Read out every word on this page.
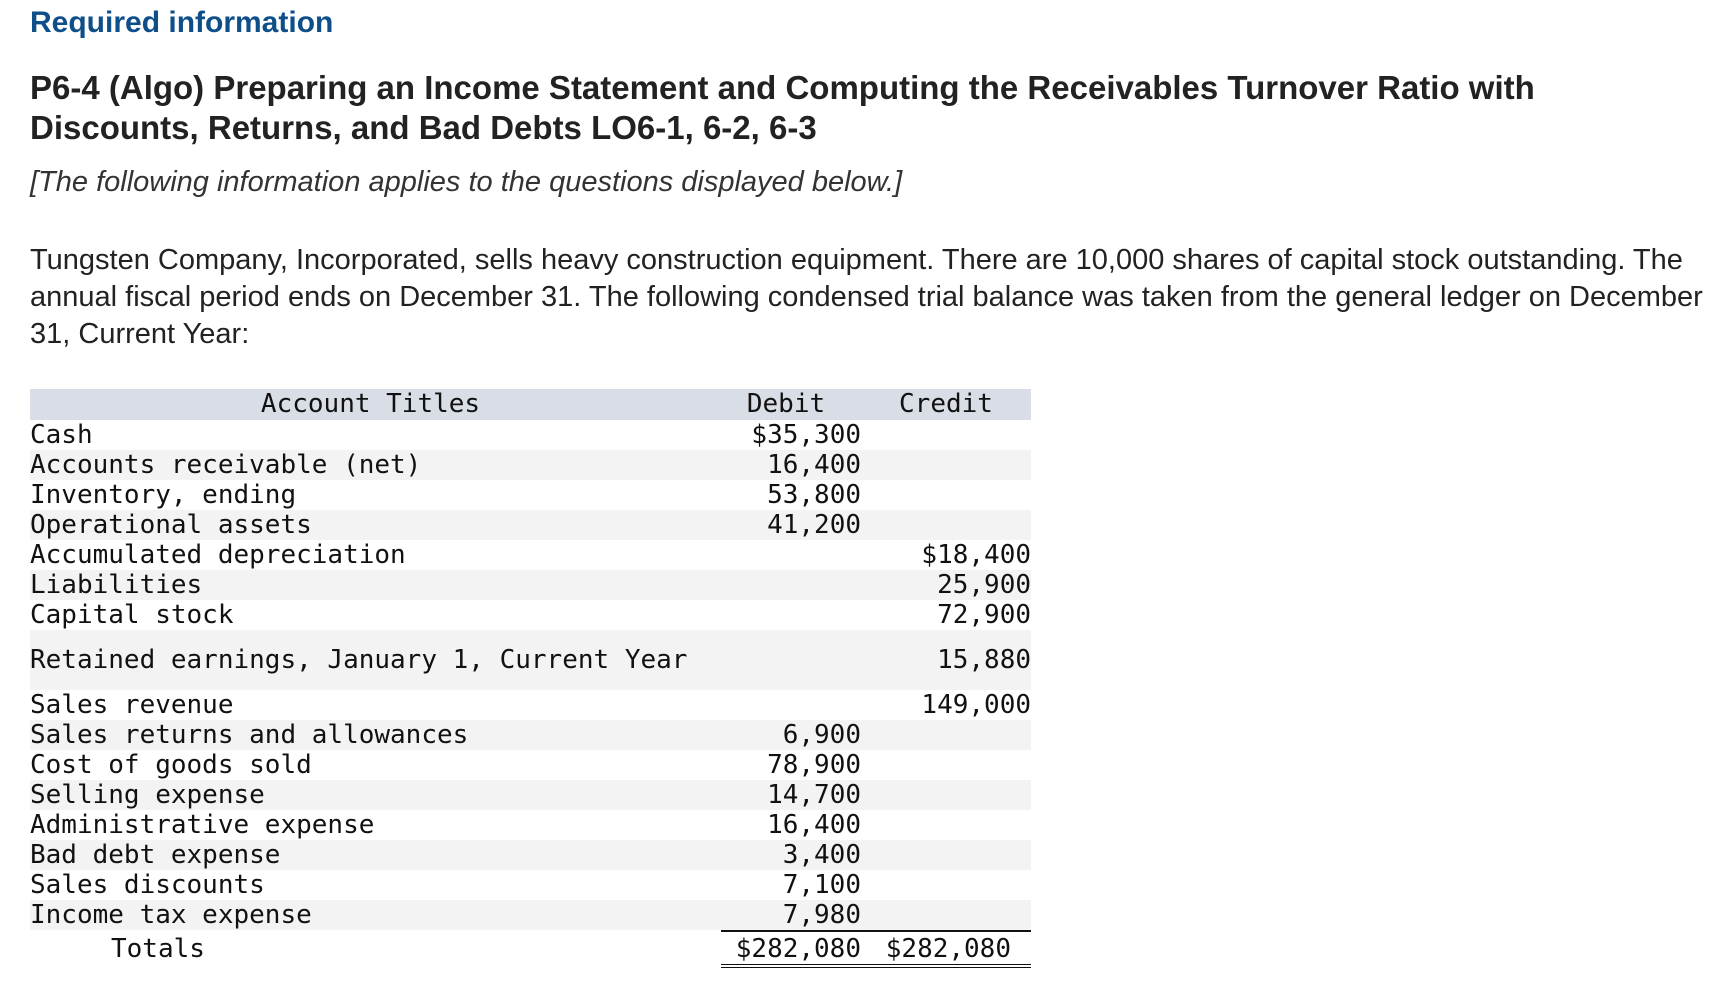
Required information
P6-4 (Algo) Preparing an Income Statement and Computing the Receivables Turnover Ratio with Discounts, Returns, and Bad Debts LO6-1, 6-2, 6-3
[The following information applies to the questions displayed below.]
Tungsten Company, Incorporated, sells heavy construction equipment. There are 10,000 shares of capital stock outstanding. The annual fiscal period ends on December 31. The following condensed trial balance was taken from the general ledger on December 31, Current Year:
Account Titles	Debit	Credit
Cash	$35,300	
Accounts receivable (net)	16,400	
Inventory, ending	53,800	
Operational assets	41,200	
Accumulated depreciation		$18,400
Liabilities		25,900
Capital stock		72,900
Retained earnings, January 1, Current Year		15,880
Sales revenue		149,000
Sales returns and allowances	6,900	
Cost of goods sold	78,900	
Selling expense	14,700	
Administrative expense	16,400	
Bad debt expense	3,400	
Sales discounts	7,100	
Income tax expense	7,980	
Totals	$282,080	$282,080
